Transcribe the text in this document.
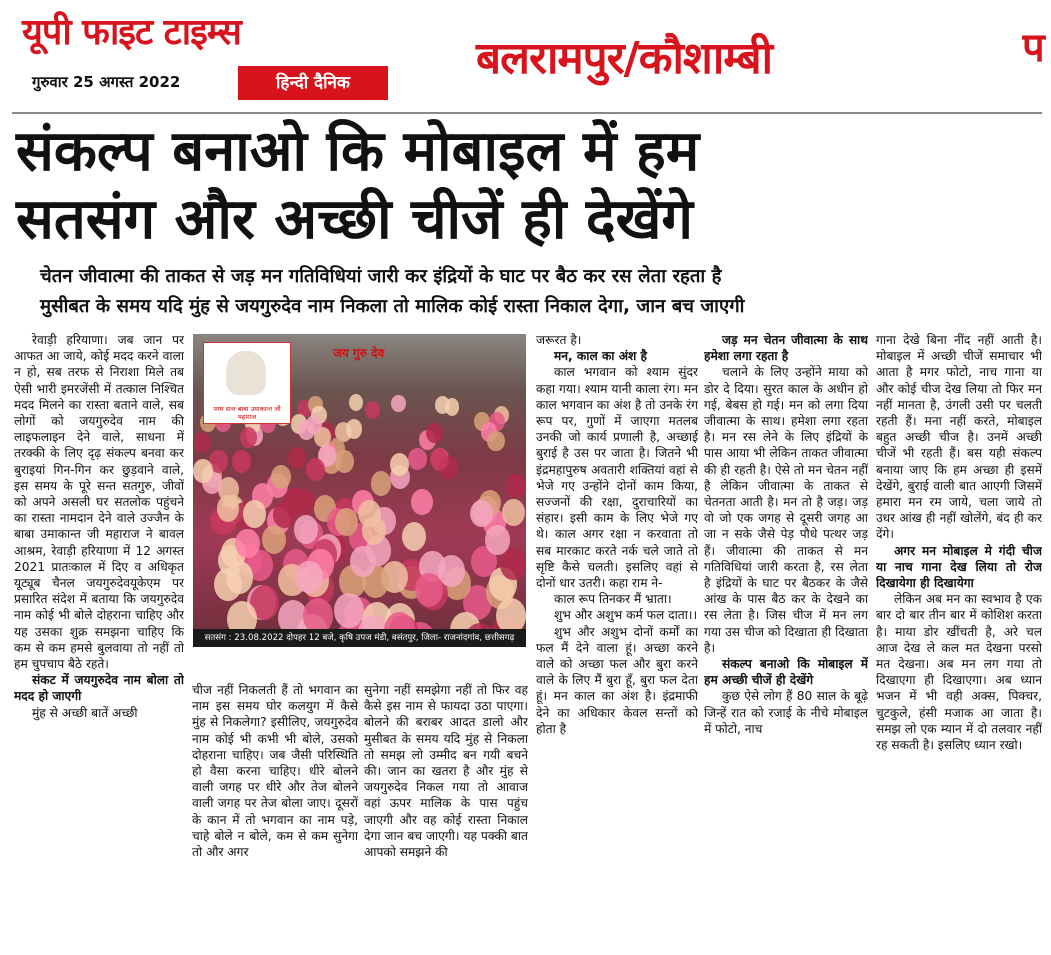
यूपी फाइट टाइम्स
गुरुवार 25 अगस्त 2022	हिन्दी दैनिक	बलरामपुर/कौशाम्बी	प
संकल्प बनाओ कि मोबाइल में हम
सतसंग और अच्छी चीजें ही देखेंगे
चेतन जीवात्मा की ताकत से जड़ मन गतिविधियां जारी कर इंद्रियों के घाट पर बैठ कर रस लेता रहता है
मुसीबत के समय यदि मुंह से जयगुरुदेव नाम निकला तो मालिक कोई रास्ता निकाल देगा, जान बच जाएगी

रेवाड़ी हरियाणा। जब जान पर आफत आ जाये, कोई मदद करने वाला न हो, सब तरफ से निराशा मिले तब ऐसी भारी इमरजेंसी में तत्काल निश्चित मदद मिलने का रास्ता बताने वाले, सब लोगों को जयगुरुदेव नाम की लाइफलाइन देने वाले, साधना में तरक्की के लिए दृढ़ संकल्प बनवा कर बुराइयां गिन-गिन कर छुड़वाने वाले, इस समय के पूरे सन्त सतगुरु, जीवों को अपने असली घर सतलोक पहुंचने का रास्ता नामदान देने वाले उज्जैन के बाबा उमाकान्त जी महाराज ने बावल आश्रम, रेवाड़ी हरियाणा में 12 अगस्त 2021 प्रातःकाल में दिए व अधिकृत यूट्यूब चैनल जयगुरुदेवयूकेएम पर प्रसारित संदेश में बताया कि जयगुरुदेव नाम कोई भी बोले दोहराना चाहिए और यह उसका शुक्र समझना चाहिए कि कम से कम हमसे बुलवाया तो नहीं तो हम चुपचाप बैठे रहते।

संकट में जयगुरुदेव नाम बोला तो मदद हो जाएगी

मुंह से अच्छी बातें अच्छी

परम सन्त बाबा उमाकान्त जी महाराज
जय गुरु देव
सतसंग : 23.08.2022 दोपहर 12 बजे, कृषि उपज मंडी, बसंतपुर, जिला- राजनांदगांव, छत्तीसगढ़

चीज नहीं निकलती हैं तो भगवान का नाम इस समय घोर कलयुग में कैसे मुंह से निकलेगा? इसीलिए, जयगुरुदेव नाम कोई भी कभी भी बोले, उसको दोहराना चाहिए। जब जैसी परिस्थिति हो वैसा करना चाहिए। धीरे बोलने वाली जगह पर धीरे और तेज बोलने वाली जगह पर तेज बोला जाए। दूसरों के कान में तो भगवान का नाम पड़े, चाहे बोले न बोले, कम से कम सुनेगा तो और अगर

सुनेगा नहीं समझेगा नहीं तो फिर वह कैसे इस नाम से फायदा उठा पाएगा। बोलने की बराबर आदत डालो और मुसीबत के समय यदि मुंह से निकला तो समझ लो उम्मीद बन गयी बचने की। जान का खतरा है और मुंह से जयगुरुदेव निकल गया तो आवाज वहां ऊपर मालिक के पास पहुंच जाएगी और वह कोई रास्ता निकाल देगा जान बच जाएगी। यह पक्की बात आपको समझने की

जरूरत है।

मन, काल का अंश है

काल भगवान को श्याम सुंदर कहा गया। श्याम यानी काला रंग। मन काल भगवान का अंश है तो उनके रंग रूप पर, गुणों में जाएगा मतलब उनकी जो कार्य प्रणाली है, अच्छाई बुराई है उस पर जाता है। जितने भी इंद्रमहापुरुष अवतारी शक्तियां वहां से भेजे गए उन्होंने दोनों काम किया, सज्जनों की रक्षा, दुराचारियों का संहार। इसी काम के लिए भेजे गए थे। काल अगर रक्षा न करवाता तो सब मारकाट करते नर्क चले जाते तो सृष्टि कैसे चलती। इसलिए वहां से दोनों धार उतरी। कहा राम ने-

काल रूप तिनकर मैं भ्राता।

शुभ और अशुभ कर्म फल दाता।।

शुभ और अशुभ दोनों कर्मों का फल मैं देने वाला हूं। अच्छा करने वाले को अच्छा फल और बुरा करने वाले के लिए मैं बुरा हूँ, बुरा फल देता हूं। मन काल का अंश है। इंद्रमाफी देने का अधिकार केवल सन्तों को होता है

जड़ मन चेतन जीवात्मा के साथ हमेशा लगा रहता है

चलाने के लिए उन्होंने माया को डोर दे दिया। सुरत काल के अधीन हो गई, बेबस हो गई। मन को लगा दिया जीवात्मा के साथ। हमेशा लगा रहता है। मन रस लेने के लिए इंद्रियों के पास आया भी लेकिन ताकत जीवात्मा की ही रहती है। ऐसे तो मन चेतन नहीं है लेकिन जीवात्मा के ताकत से चेतनता आती है। मन तो है जड़। जड़ वो जो एक जगह से दूसरी जगह आ जा न सके जैसे पेड़ पौधे पत्थर जड़ हैं। जीवात्मा की ताकत से मन गतिविधियां जारी करता है, रस लेता है इंद्रियों के घाट पर बैठकर के जैसे आंख के पास बैठ कर के देखने का रस लेता है। जिस चीज में मन लग गया उस चीज को दिखाता ही दिखाता है।

संकल्प बनाओ कि मोबाइल में हम अच्छी चीजें ही देखेंगे

कुछ ऐसे लोग हैं 80 साल के बूढ़े जिन्हें रात को रजाई के नीचे मोबाइल में फोटो, नाच

गाना देखे बिना नींद नहीं आती है। मोबाइल में अच्छी चीजें समाचार भी आता है मगर फोटो, नाच गाना या और कोई चीज देख लिया तो फिर मन नहीं मानता है, उंगली उसी पर चलती रहती हैं। मना नहीं करते, मोबाइल बहुत अच्छी चीज है। उनमें अच्छी चीजें भी रहती हैं। बस यही संकल्प बनाया जाए कि हम अच्छा ही इसमें देखेंगे, बुराई वाली बात आएगी जिसमें हमारा मन रम जाये, चला जाये तो उधर आंख ही नहीं खोलेंगे, बंद ही कर देंगे।

अगर मन मोबाइल मे गंदी चीज या नाच गाना देख लिया तो रोज दिखायेगा ही दिखायेगा

लेकिन अब मन का स्वभाव है एक बार दो बार तीन बार में कोशिश करता है। माया डोर खींचती है, अरे चल आज देख ले कल मत देखना परसो मत देखना। अब मन लग गया तो दिखाएगा ही दिखाएगा। अब ध्यान भजन में भी वही अक्स, पिक्चर, चुटकुले, हंसी मजाक आ जाता है। समझ लो एक म्यान में दो तलवार नहीं रह सकती है। इसलिए ध्यान रखो।
